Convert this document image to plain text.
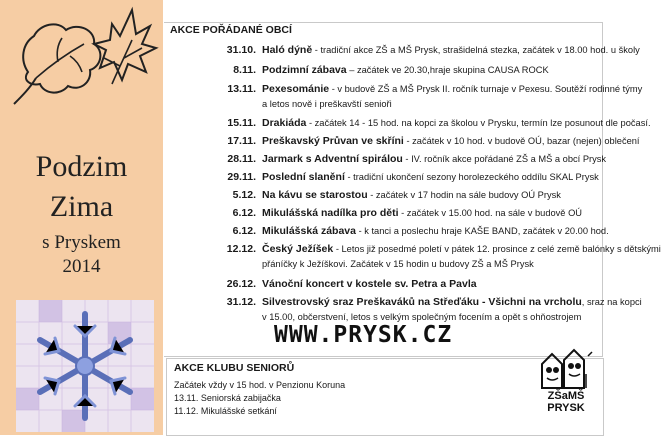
Podzim
Zima
s Pryskem
2014
AKCE POŘÁDANÉ OBCÍ
31.10. Haló dýně - tradiční akce ZŠ a MŠ Prysk, strašidelná stezka, začátek v 18.00 hod. u školy
8.11. Podzimní zábava – začátek ve 20.30,hraje skupina CAUSA ROCK
13.11. Pexesománie - v budově ZŠ a MŠ Prysk II. ročník turnaje v Pexesu. Soutěží rodinné týmy
a letos nově i preškavští senioři
15.11. Drakiáda - začátek 14 - 15 hod. na kopci za školou v Prysku, termín lze posunout dle počasí.
17.11. Preškavský Průvan ve skříni - začátek v 10 hod. v budově OÚ, bazar (nejen) oblečení
28.11. Jarmark s Adventní spirálou - IV. ročník akce pořádané ZŠ a MŠ a obcí Prysk
29.11. Poslední slanění - tradiční ukončení sezony horolezeckého oddílu SKAL Prysk
5.12. Na kávu se starostou - začátek v 17 hodin na sále budovy OÚ Prysk
6.12. Mikulášská nadílka pro děti - začátek v 15.00 hod. na sále v budově OÚ
6.12. Mikulášská zábava - k tanci a poslechu hraje KAŠE BAND, začátek v 20.00 hod.
12.12. Český Ježíšek - Letos již posedmé poletí v pátek 12. prosince z celé země balónky s dětskými
přáníčky k Ježíškovi. Začátek v 15 hodin u budovy ZŠ a MŠ Prysk
26.12. Vánoční koncert v kostele sv. Petra a Pavla
31.12. Silvestrovský sraz Preškaváků na Střeďáku - Všichni na vrcholu, sraz na kopci
v 15.00, občerstvení, letos s velkým společným focením a opět s ohňostrojem
WWW.PRYSK.CZ
AKCE KLUBU SENIORŮ
Začátek vždy v 15 hod. v Penzionu Koruna
13.11. Seniorská zabijačka
11.12. Mikulášské setkání
ZŠaMŠ
PRYSK
